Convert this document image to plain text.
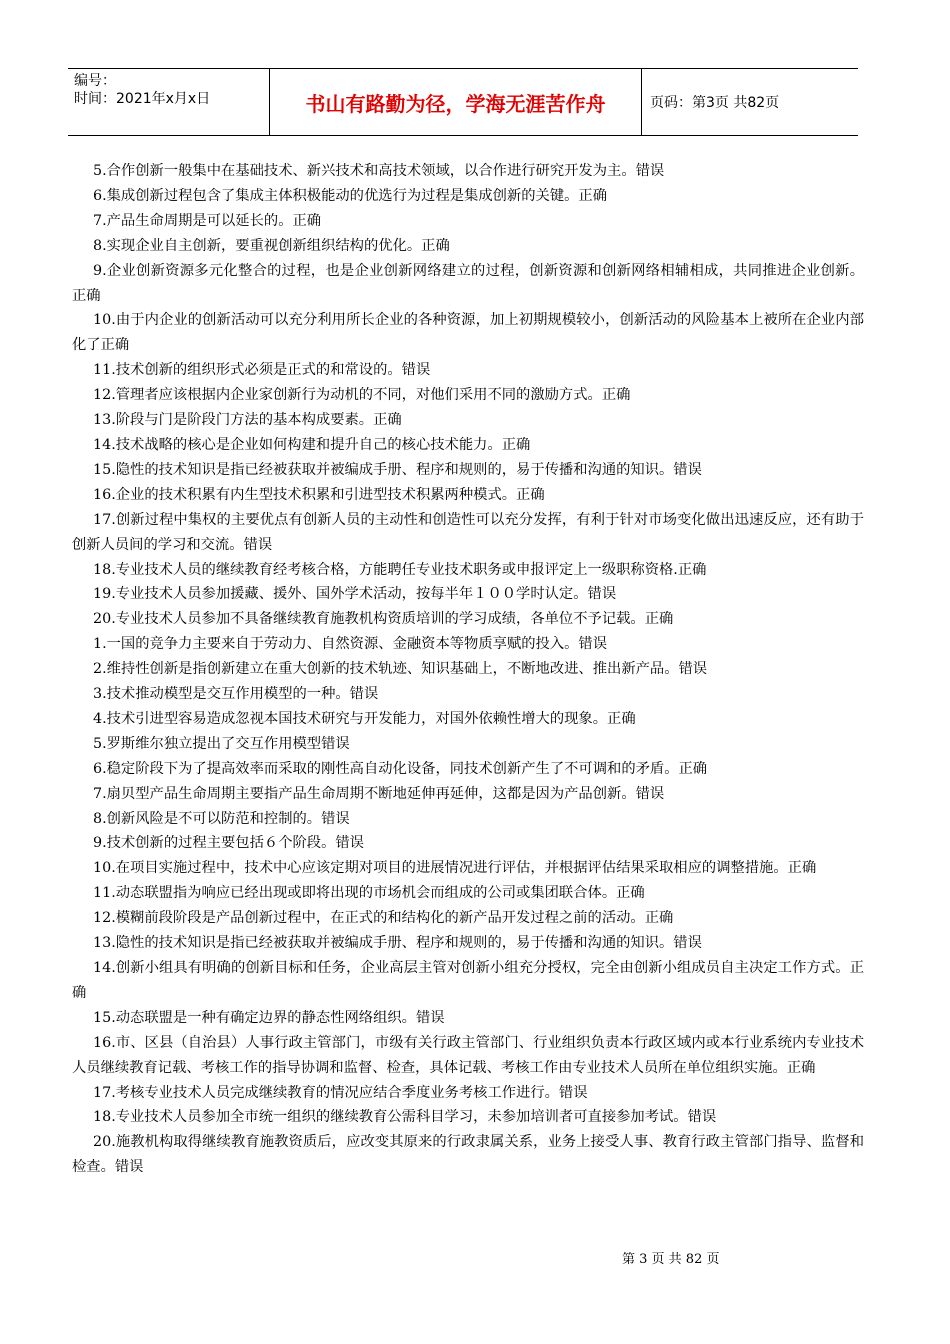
编号：
时间：2021年x月x日	书山有路勤为径，学海无涯苦作舟	页码：第3页 共82页

5.合作创新一般集中在基础技术、新兴技术和高技术领域，以合作进行研究开发为主。错误

6.集成创新过程包含了集成主体积极能动的优选行为过程是集成创新的关键。正确

7.产品生命周期是可以延长的。正确

8.实现企业自主创新，要重视创新组织结构的优化。正确

9.企业创新资源多元化整合的过程，也是企业创新网络建立的过程，创新资源和创新网络相辅相成，共同推进企业创新。正确

10.由于内企业的创新活动可以充分利用所长企业的各种资源，加上初期规模较小，创新活动的风险基本上被所在企业内部化了正确

11.技术创新的组织形式必须是正式的和常设的。错误

12.管理者应该根据内企业家创新行为动机的不同，对他们采用不同的激励方式。正确

13.阶段与门是阶段门方法的基本构成要素。正确

14.技术战略的核心是企业如何构建和提升自己的核心技术能力。正确

15.隐性的技术知识是指已经被获取并被编成手册、程序和规则的，易于传播和沟通的知识。错误

16.企业的技术积累有内生型技术积累和引进型技术积累两种模式。正确

17.创新过程中集权的主要优点有创新人员的主动性和创造性可以充分发挥，有利于针对市场变化做出迅速反应，还有助于创新人员间的学习和交流。错误

18.专业技术人员的继续教育经考核合格，方能聘任专业技术职务或申报评定上一级职称资格.正确

19.专业技术人员参加援藏、援外、国外学术活动，按每半年１００学时认定。错误

20.专业技术人员参加不具备继续教育施教机构资质培训的学习成绩，各单位不予记载。正确

1.一国的竞争力主要来自于劳动力、自然资源、金融资本等物质享赋的投入。错误

2.维持性创新是指创新建立在重大创新的技术轨迹、知识基础上，不断地改进、推出新产品。错误

3.技术推动模型是交互作用模型的一种。错误

4.技术引进型容易造成忽视本国技术研究与开发能力，对国外依赖性增大的现象。正确

5.罗斯维尔独立提出了交互作用模型错误

6.稳定阶段下为了提高效率而采取的刚性高自动化设备，同技术创新产生了不可调和的矛盾。正确

7.扇贝型产品生命周期主要指产品生命周期不断地延伸再延伸，这都是因为产品创新。错误

8.创新风险是不可以防范和控制的。错误

9.技术创新的过程主要包括６个阶段。错误

10.在项目实施过程中，技术中心应该定期对项目的进展情况进行评估，并根据评估结果采取相应的调整措施。正确

11.动态联盟指为响应已经出现或即将出现的市场机会而组成的公司或集团联合体。正确

12.模糊前段阶段是产品创新过程中，在正式的和结构化的新产品开发过程之前的活动。正确

13.隐性的技术知识是指已经被获取并被编成手册、程序和规则的，易于传播和沟通的知识。错误

14.创新小组具有明确的创新目标和任务，企业高层主管对创新小组充分授权，完全由创新小组成员自主决定工作方式。正确

15.动态联盟是一种有确定边界的静态性网络组织。错误

16.市、区县（自治县）人事行政主管部门，市级有关行政主管部门、行业组织负责本行政区域内或本行业系统内专业技术人员继续教育记载、考核工作的指导协调和监督、检查，具体记载、考核工作由专业技术人员所在单位组织实施。正确

17.考核专业技术人员完成继续教育的情况应结合季度业务考核工作进行。错误

18.专业技术人员参加全市统一组织的继续教育公需科目学习，未参加培训者可直接参加考试。错误

20.施教机构取得继续教育施教资质后，应改变其原来的行政隶属关系，业务上接受人事、教育行政主管部门指导、监督和检查。错误

第 3 页 共 82 页
